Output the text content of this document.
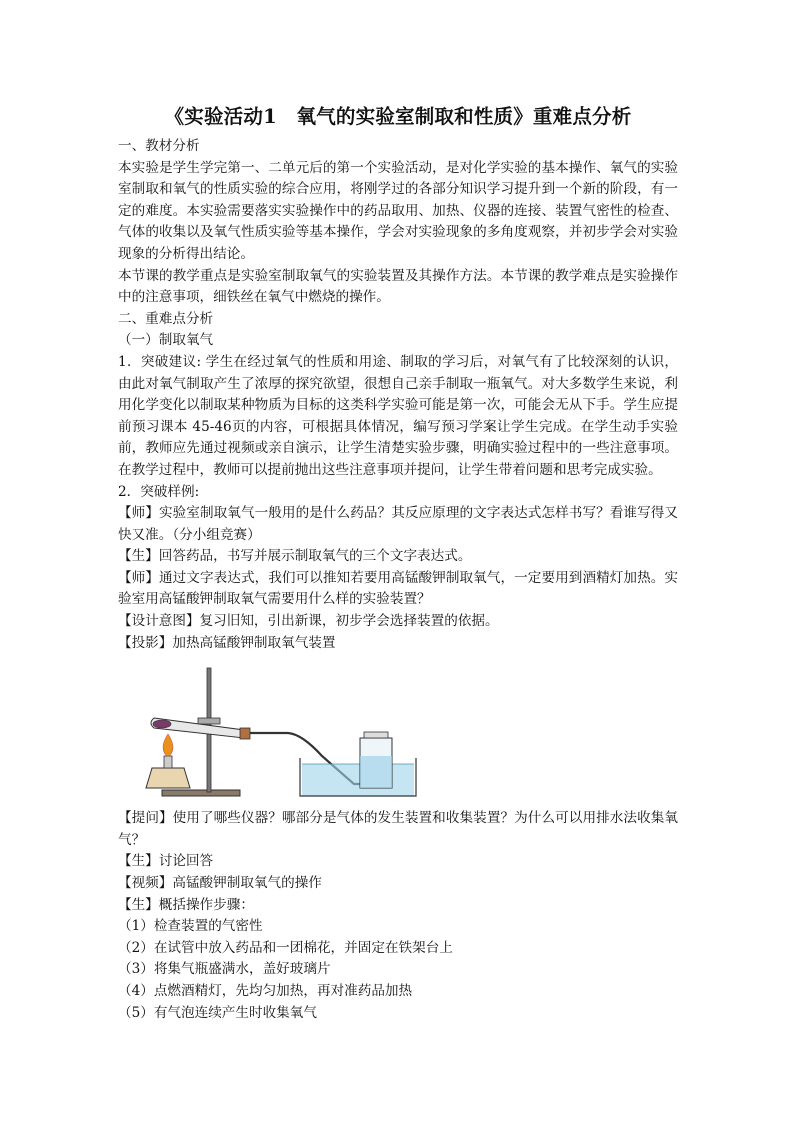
《实验活动1　氧气的实验室制取和性质》重难点分析

一、教材分析

本实验是学生学完第一、二单元后的第一个实验活动，是对化学实验的基本操作、氧气的实验室制取和氧气的性质实验的综合应用，将刚学过的各部分知识学习提升到一个新的阶段，有一定的难度。本实验需要落实实验操作中的药品取用、加热、仪器的连接、装置气密性的检查、气体的收集以及氧气性质实验等基本操作，学会对实验现象的多角度观察，并初步学会对实验现象的分析得出结论。

本节课的教学重点是实验室制取氧气的实验装置及其操作方法。本节课的教学难点是实验操作中的注意事项，细铁丝在氧气中燃烧的操作。

二、重难点分析

（一）制取氧气

1．突破建议: 学生在经过氧气的性质和用途、制取的学习后，对氧气有了比较深刻的认识，由此对氧气制取产生了浓厚的探究欲望，很想自己亲手制取一瓶氧气。对大多数学生来说，利用化学变化以制取某种物质为目标的这类科学实验可能是第一次，可能会无从下手。学生应提前预习课本 45-46页的内容，可根据具体情况，编写预习学案让学生完成。在学生动手实验前，教师应先通过视频或亲自演示，让学生清楚实验步骤，明确实验过程中的一些注意事项。在教学过程中，教师可以提前抛出这些注意事项并提问，让学生带着问题和思考完成实验。

2．突破样例:

【师】实验室制取氧气一般用的是什么药品？其反应原理的文字表达式怎样书写？看谁写得又快又准。（分小组竞赛）

【生】回答药品，书写并展示制取氧气的三个文字表达式。

【师】通过文字表达式，我们可以推知若要用高锰酸钾制取氧气，一定要用到酒精灯加热。实验室用高锰酸钾制取氧气需要用什么样的实验装置？

【设计意图】复习旧知，引出新课，初步学会选择装置的依据。

【投影】加热高锰酸钾制取氧气装置

【提问】使用了哪些仪器？哪部分是气体的发生装置和收集装置？为什么可以用排水法收集氧气？

【生】讨论回答

【视频】高锰酸钾制取氧气的操作

【生】概括操作步骤：

（1）检查装置的气密性

（2）在试管中放入药品和一团棉花，并固定在铁架台上

（3）将集气瓶盛满水，盖好玻璃片

（4）点燃酒精灯，先均匀加热，再对准药品加热

（5）有气泡连续产生时收集氧气
